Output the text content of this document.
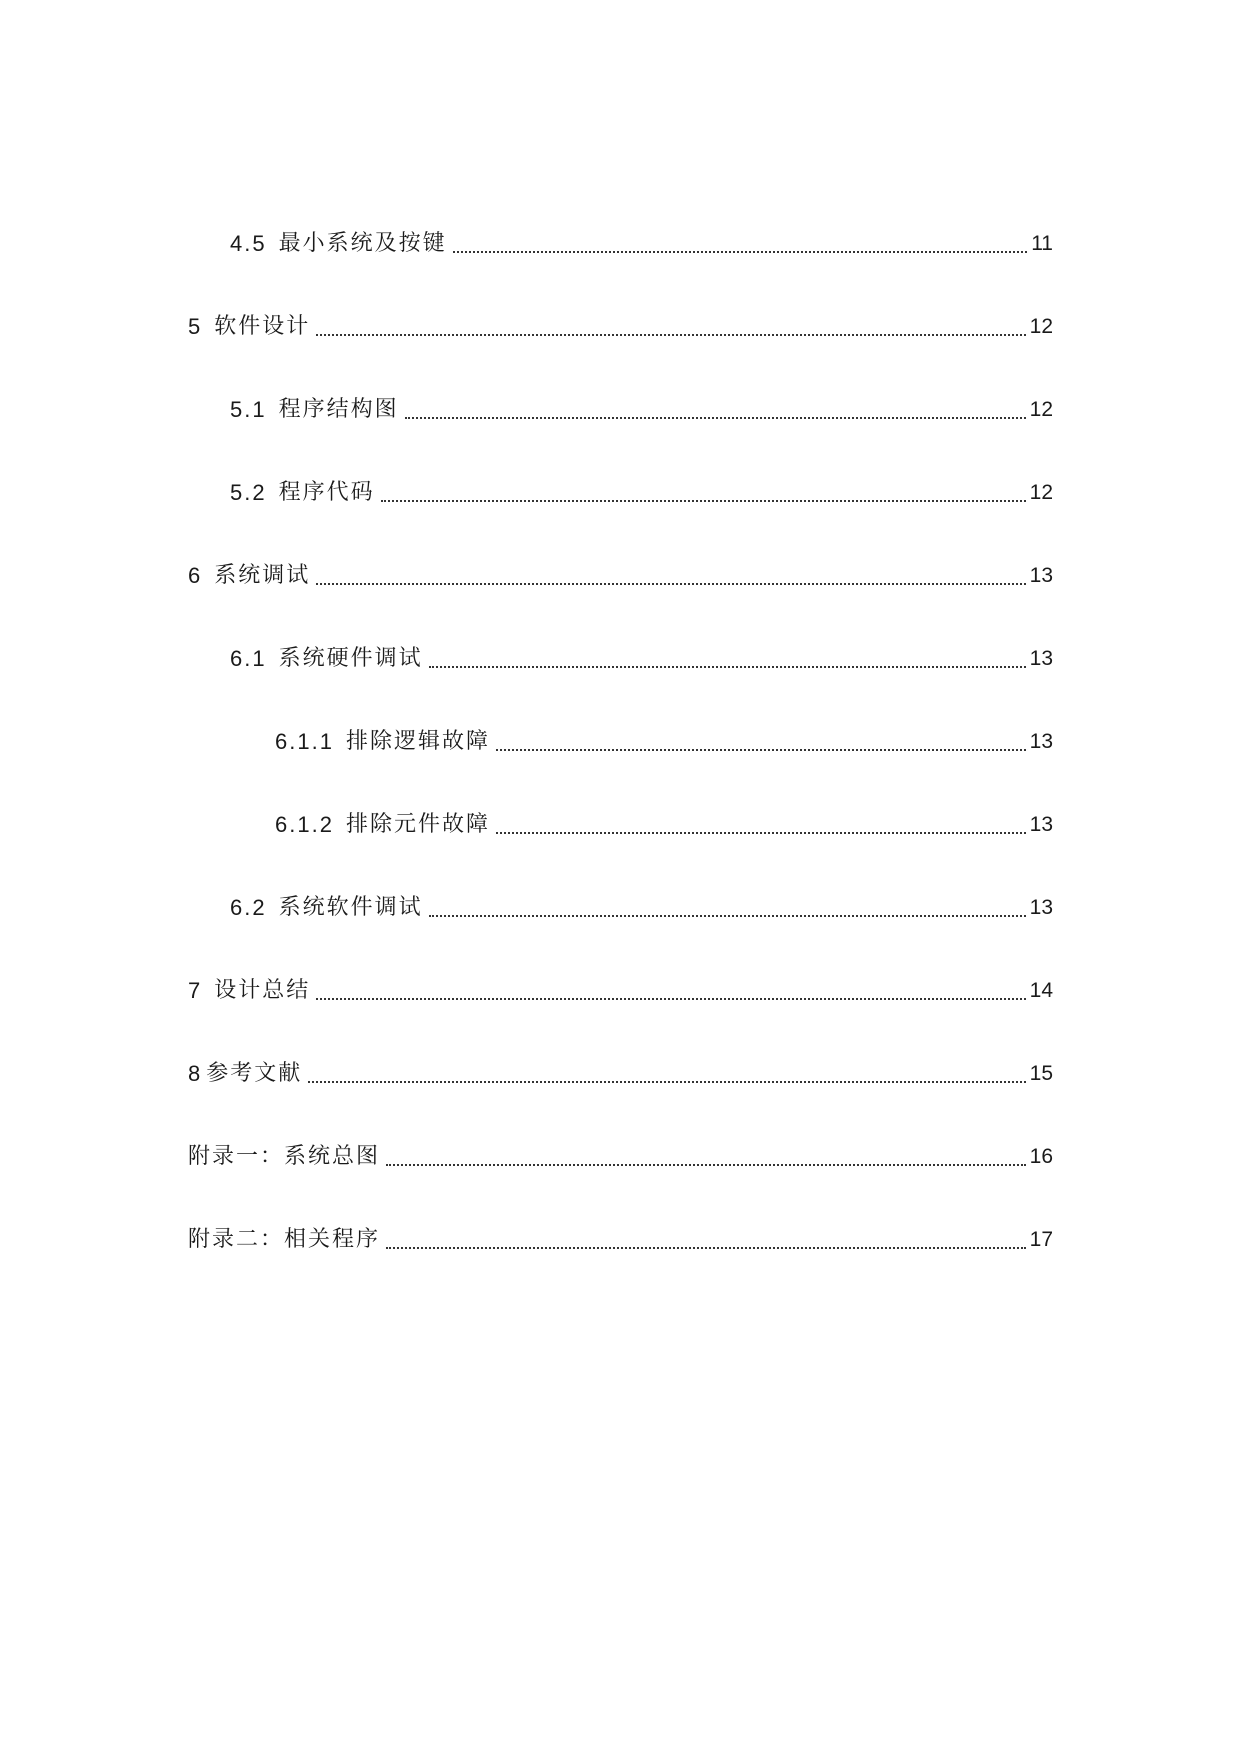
4.5 最小系统及按键	11
5 软件设计	12
5.1 程序结构图	12
5.2 程序代码	12
6 系统调试	13
6.1 系统硬件调试	13
6.1.1 排除逻辑故障	13
6.1.2 排除元件故障	13
6.2 系统软件调试	13
7 设计总结	14
8 参考文献	15
附录一：系统总图	16
附录二：相关程序	17
